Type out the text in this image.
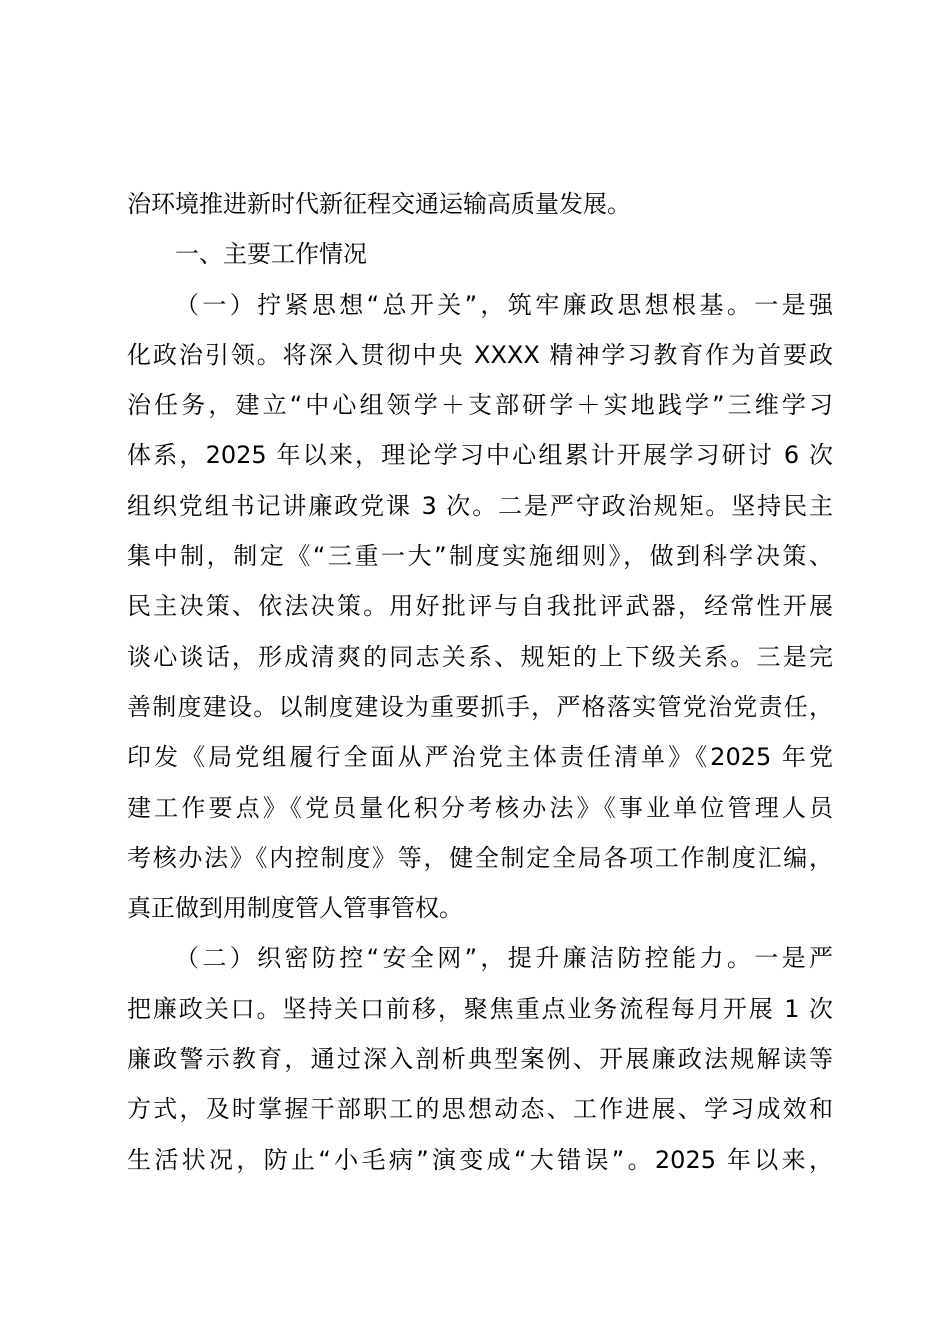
治环境推进新时代新征程交通运输高质量发展。
一、主要工作情况
（一）拧紧思想“总开关”，筑牢廉政思想根基。一是强
化政治引领。将深入贯彻中央 XXXX 精神学习教育作为首要政
治任务，建立“中心组领学＋支部研学＋实地践学”三维学习
体系，2025 年以来，理论学习中心组累计开展学习研讨 6 次
组织党组书记讲廉政党课 3 次。二是严守政治规矩。坚持民主
集中制，制定《“三重一大”制度实施细则》，做到科学决策、
民主决策、依法决策。用好批评与自我批评武器，经常性开展
谈心谈话，形成清爽的同志关系、规矩的上下级关系。三是完
善制度建设。以制度建设为重要抓手，严格落实管党治党责任，
印发《局党组履行全面从严治党主体责任清单》《2025 年党
建工作要点》《党员量化积分考核办法》《事业单位管理人员
考核办法》《内控制度》等，健全制定全局各项工作制度汇编，
真正做到用制度管人管事管权。
（二）织密防控“安全网”，提升廉洁防控能力。一是严
把廉政关口。坚持关口前移，聚焦重点业务流程每月开展 1 次
廉政警示教育，通过深入剖析典型案例、开展廉政法规解读等
方式，及时掌握干部职工的思想动态、工作进展、学习成效和
生活状况，防止“小毛病”演变成“大错误”。2025 年以来，
